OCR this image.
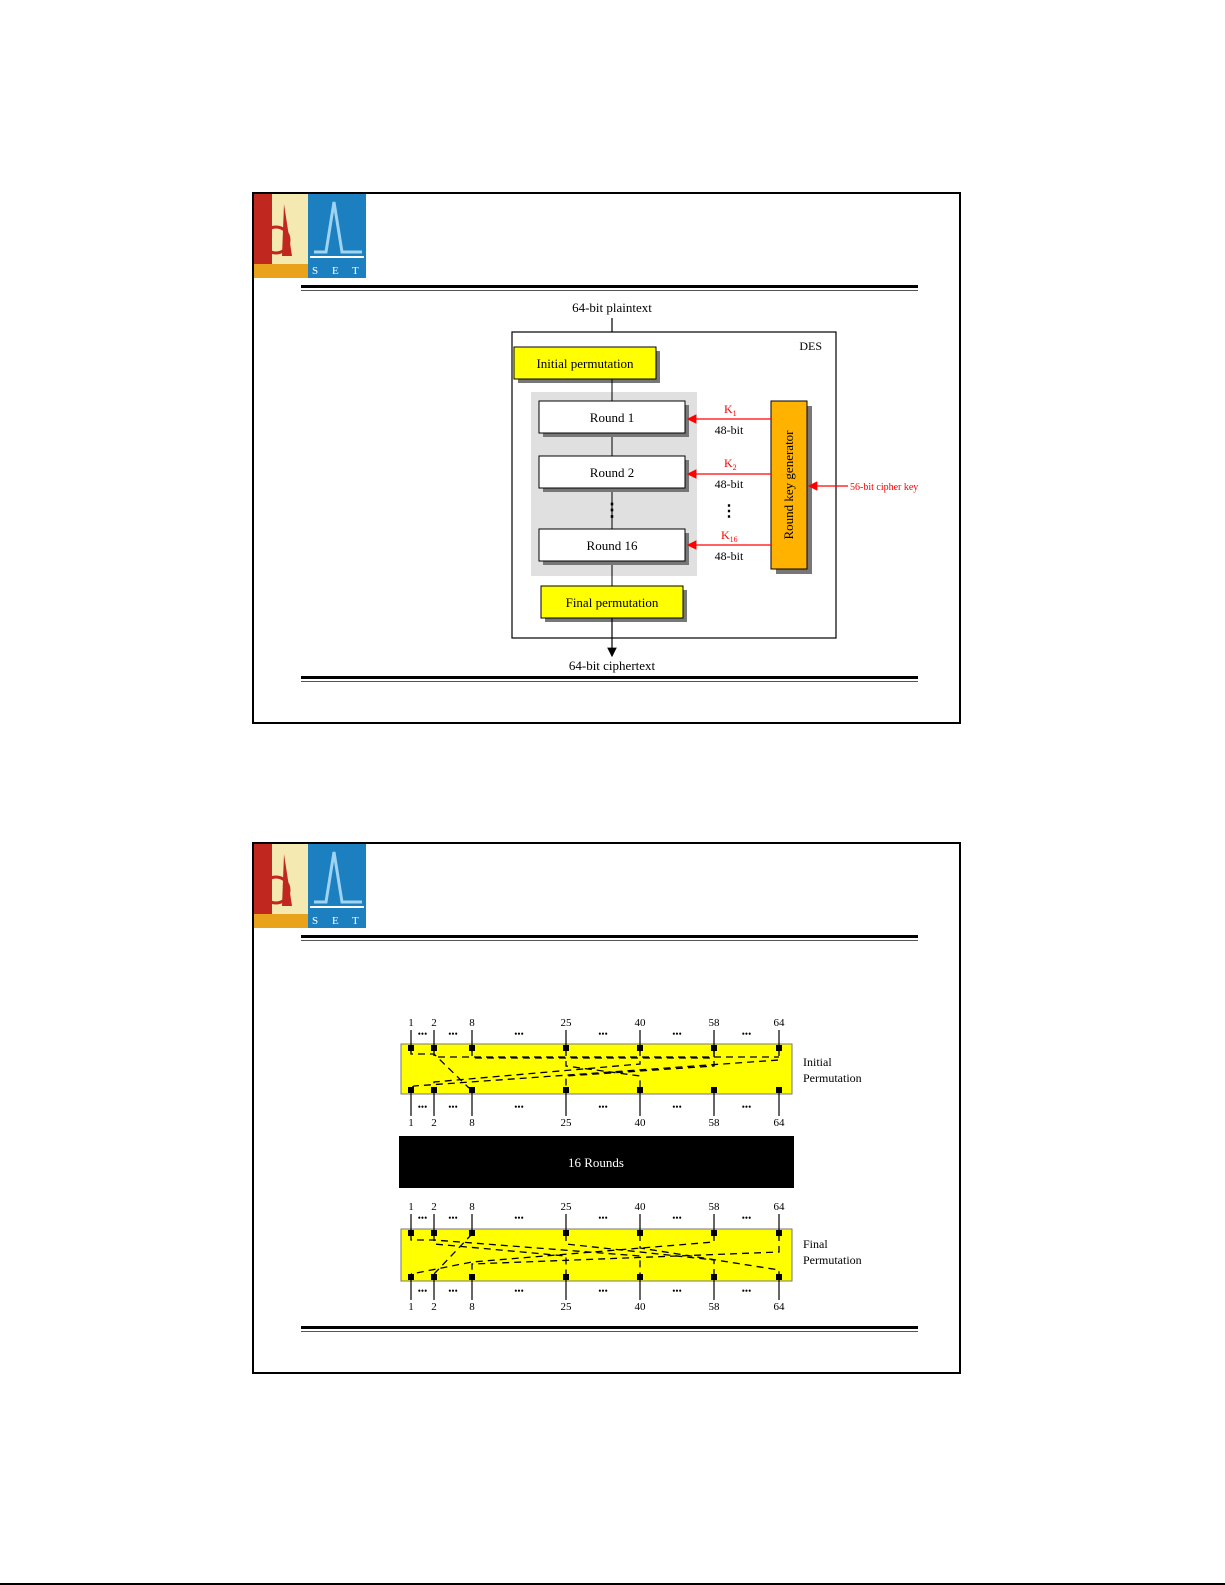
S E T
64-bit plaintext
DES
Initial permutation
Round 1
Round 2
⋮
Round 16
Final permutation
64-bit ciphertext
Round key generator
$K_1$
48-bit
$K_2$
48-bit
⋮
$K_{16}$
48-bit
56-bit cipher key
S E T
16 Rounds
Initial
Permutation
Final
Permutation
1 2	8	25	40	58	64
1 2	8	25	40	58	64
1 2	8	25	40	58	64
1 2	8	25	40	58	64
••• •••	•••	•••	•••	•••
••• •••	•••	•••	•••	•••
••• •••	•••	•••	•••	•••
••• •••	•••	•••	•••	•••
